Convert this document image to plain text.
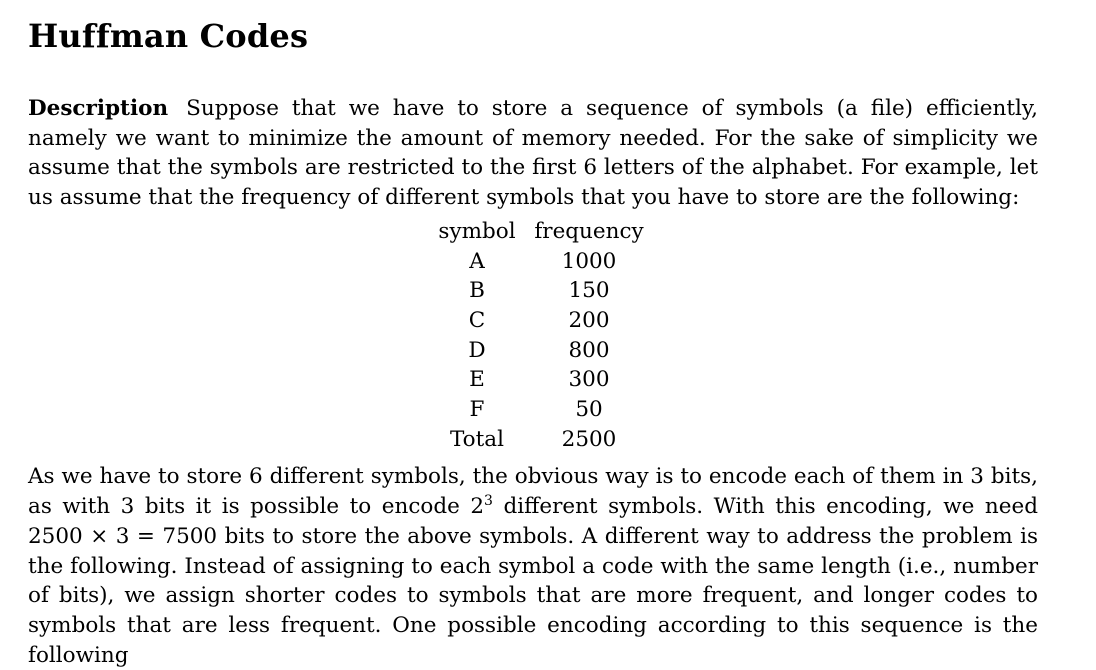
Huffman Codes

Description Suppose that we have to store a sequence of symbols (a file) efficiently, namely we want to minimize the amount of memory needed. For the sake of simplicity we assume that the symbols are restricted to the first 6 letters of the alphabet. For example, let us assume that the frequency of different symbols that you have to store are the following:

symbol	frequency
A	1000
B	150
C	200
D	800
E	300
F	50
Total	2500

As we have to store 6 different symbols, the obvious way is to encode each of them in 3 bits, as with 3 bits it is possible to encode $2^3$ different symbols. With this encoding, we need 2500 × 3 = 7500 bits to store the above symbols. A different way to address the problem is the following. Instead of assigning to each symbol a code with the same length (i.e., number of bits), we assign shorter codes to symbols that are more frequent, and longer codes to symbols that are less frequent. One possible encoding according to this sequence is the following
